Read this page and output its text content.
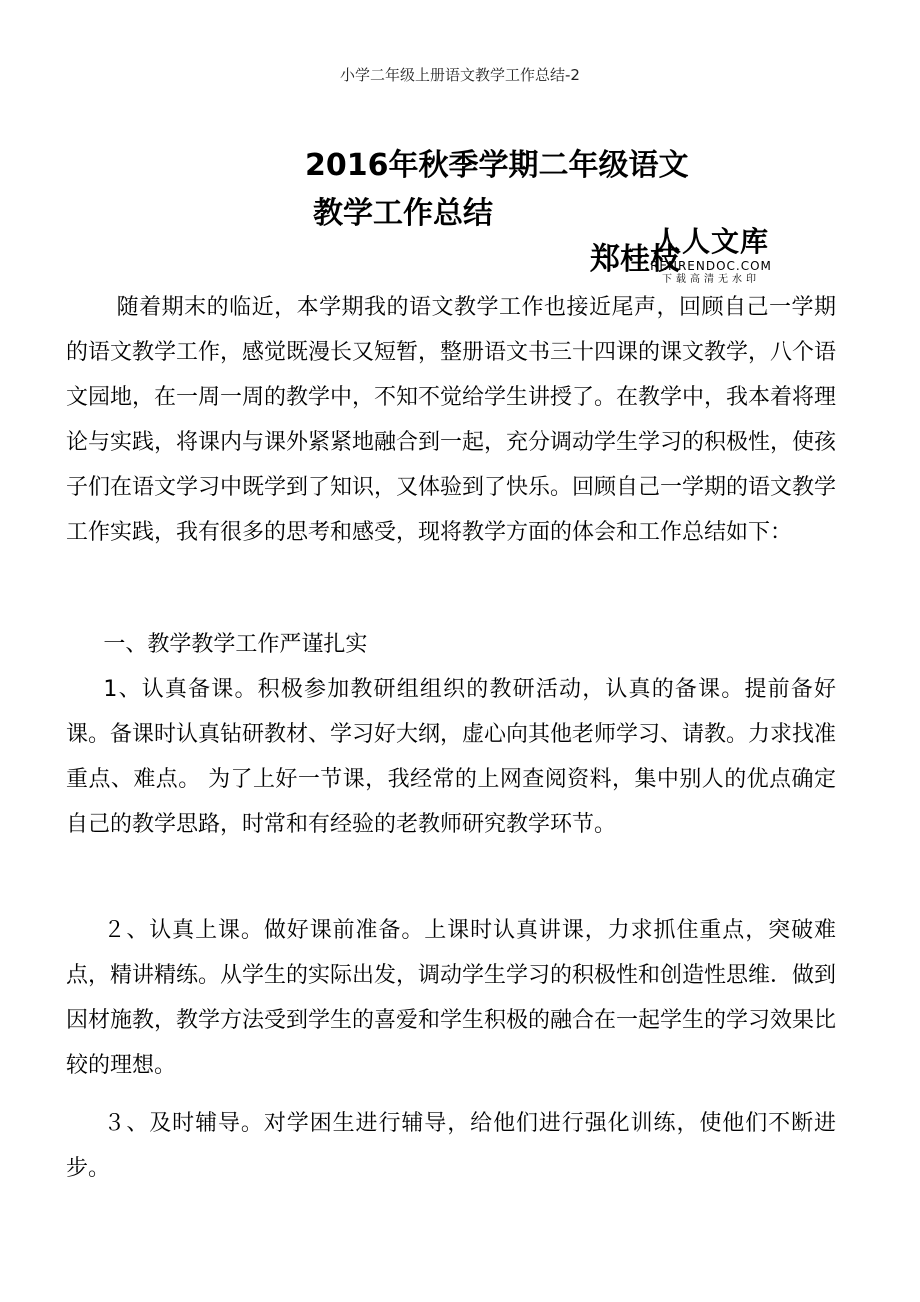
小学二年级上册语文教学工作总结-2
2016年秋季学期二年级语文
教学工作总结
郑桂枝
人人文库
RENRENDOC.COM
下载高清无水印
随着期末的临近，本学期我的语文教学工作也接近尾声，回顾自己一学期的语文教学工作，感觉既漫长又短暂，整册语文书三十四课的课文教学，八个语文园地，在一周一周的教学中，不知不觉给学生讲授了。在教学中，我本着将理论与实践，将课内与课外紧紧地融合到一起，充分调动学生学习的积极性，使孩子们在语文学习中既学到了知识，又体验到了快乐。回顾自己一学期的语文教学工作实践，我有很多的思考和感受，现将教学方面的体会和工作总结如下：
一、教学教学工作严谨扎实
1、认真备课。积极参加教研组组织的教研活动，认真的备课。提前备好课。备课时认真钻研教材、学习好大纲，虚心向其他老师学习、请教。力求找准重点、难点。 为了上好一节课，我经常的上网查阅资料，集中别人的优点确定自己的教学思路，时常和有经验的老教师研究教学环节。
２、认真上课。做好课前准备。上课时认真讲课，力求抓住重点，突破难点，精讲精练。从学生的实际出发，调动学生学习的积极性和创造性思维．做到因材施教，教学方法受到学生的喜爱和学生积极的融合在一起学生的学习效果比较的理想。
３、及时辅导。对学困生进行辅导，给他们进行强化训练，使他们不断进步。
